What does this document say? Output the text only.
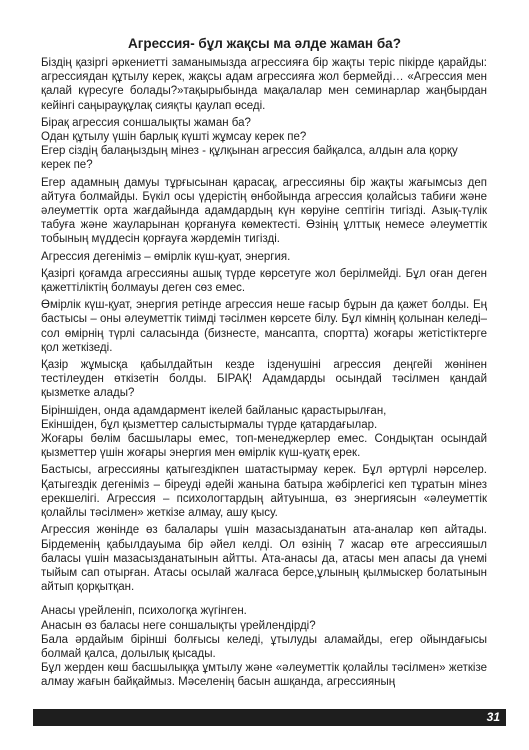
Агрессия- бұл жақсы ма әлде жаман ба?

Біздің қазіргі әркениетті заманымызда агрессияға бір жақты теріс пікірде қарайды: агрессиядан құтылу керек, жақсы адам агрессияға жол бермейді… «Агрессия мен қалай күресуге болады?»тақырыбында мақалалар мен семинарлар жаңбырдан кейінгі саңырауқұлақ сияқты қаулап өседі.

Бірақ агрессия соншалықты жаман ба?
Одан құтылу үшін барлық күшті жұмсау керек пе?
Егер сіздің балаңыздың мінез - құлқынан агрессия байқалса, алдын ала қорқу керек пе?

Егер адамның дамуы тұрғысынан қарасақ, агрессияны бір жақты жағымсыз деп айтуға болмайды. Бүкіл осы үдерістің өнбойында агрессия қолайсыз табиғи және әлеуметтік орта жағдайында адамдардың күн көруіне септігін тигізді. Азық-түлік табуға және жауларынан қорғануға көмектесті. Өзінің ұлттық немесе әлеуметтік тобының мүддесін қорғауға жәрдемін тигізді.

Агрессия дегеніміз – өмірлік күш-қуат, энергия.

Қазіргі қоғамда агрессияны ашық түрде көрсетуге жол берілмейді. Бұл оған деген қажеттіліктің болмауы деген сөз емес.

Өмірлік күш-қуат, энергия ретінде агрессия неше ғасыр бұрын да қажет болды. Ең бастысы – оны әлеуметтік тиімді тәсілмен көрсете білу. Бұл кімнің қолынан келеді– сол өмірнің түрлі саласында (бизнесте, мансапта, спортта) жоғары жетістіктерге қол жеткізеді.

Қазір жұмысқа қабылдайтын кезде ізденушіні агрессия деңгейі жөнінен тестілеуден өткізетін болды. БІРАҚ! Адамдарды осындай тәсілмен қандай қызметке алады?

Біріншіден, онда адамдармент ікелей байланыс қарастырылған,
Екіншіден, бұл қызметтер салыстырмалы түрде қатардағылар.
Жоғары бөлім басшылары емес, топ-менеджерлер емес. Сондықтан осындай қызметтер үшін жоғары энергия мен өмірлік күш-қуатқ ерек.

Бастысы, агрессияны қатыгездікпен шатастырмау керек. Бұл әртүрлі нәрселер. Қатыгездік дегеніміз – біреуді әдейі жанына батыра жәбірлегісі кеп тұратын мінез ерекшелігі. Агрессия – психологтардың айтуынша, өз энергиясын «әлеуметтік қолайлы тәсілмен» жеткізе алмау, ашу қысу.

Агрессия жөнінде өз балалары үшін мазасызданатын ата-аналар көп айтады. Бірдеменің қабылдауыма бір әйел келді. Ол өзінің 7 жасар өте агрессияшыл баласы үшін мазасызданатынын айтты. Ата-анасы да, атасы мен апасы да үнемі тыйым сап отырған. Атасы осылай жалғаса берсе,ұлының қылмыскер болатынын айтып қорқытқан.

Анасы үрейленіп, психологқа жүгінген.
Анасын өз баласы неге соншалықты үрейлендірді?
Бала әрдайым бірінші болғысы келеді, ұтылуды аламайды, егер ойындағысы болмай қалса, долылық қысады.
Бұл жерден көш басшылыққа ұмтылу және «әлеуметтік қолайлы тәсілмен» жеткізе алмау жағын байқаймыз. Мәселенің басын ашқанда, агрессияның

31
